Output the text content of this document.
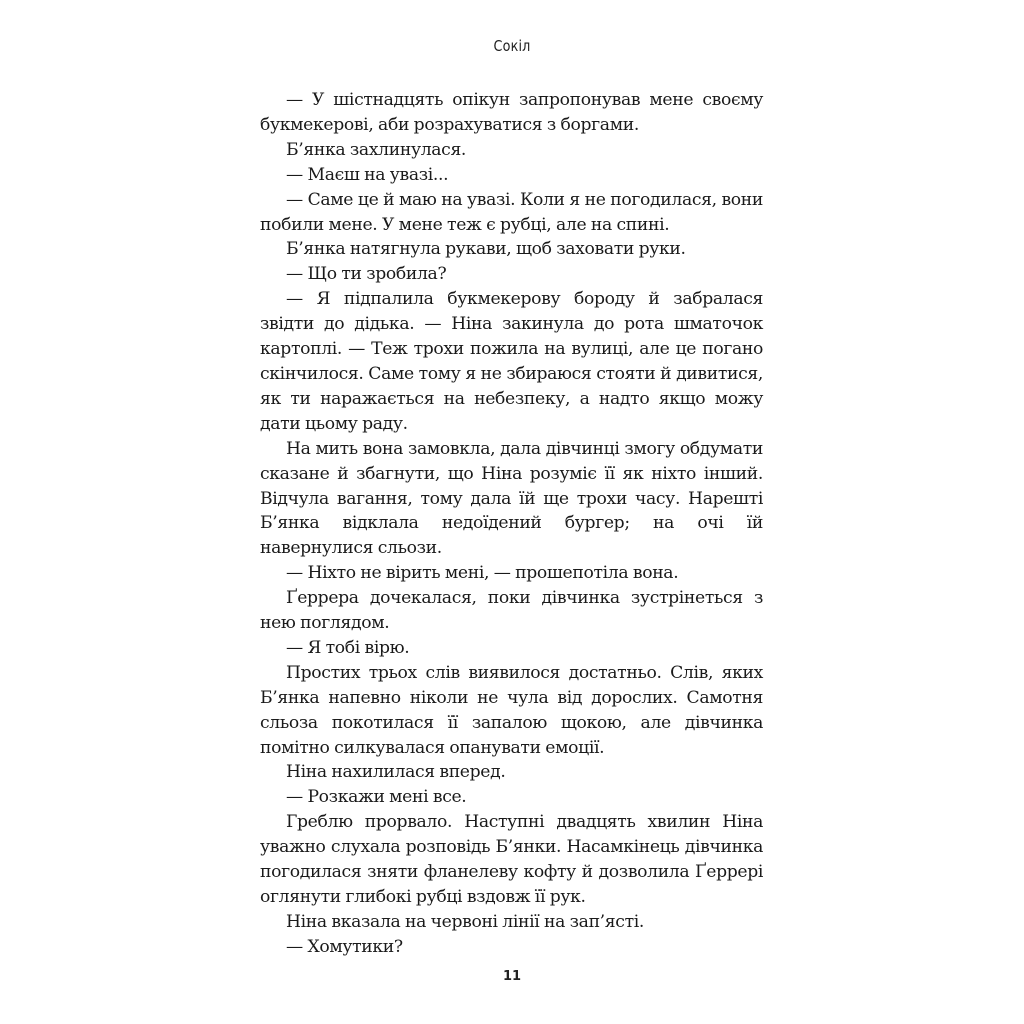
Сокіл

— У шістнадцять опікун запропонував мене своєму букмекерові, аби розрахуватися з боргами.

Б’янка захлинулася.

— Маєш на увазі...

— Саме це й маю на увазі. Коли я не погодилася, вони побили мене. У мене теж є рубці, але на спині.

Б’янка натягнула рукави, щоб заховати руки.

— Що ти зробила?

— Я підпалила букмекерову бороду й забралася звідти до дідька. — Ніна закинула до рота шматочок картоплі. — Теж трохи пожила на вулиці, але це погано скінчилося. Саме тому я не збираюся стояти й дивитися, як ти наражається на небезпеку, а надто якщо можу дати цьому раду.

На мить вона замовкла, дала дівчинці змогу обдумати сказане й збагнути, що Ніна розуміє її як ніхто інший. Відчула вагання, тому дала їй ще трохи часу. Нарешті Б’янка відклала недоїдений бургер; на очі їй навернулися сльози.

— Ніхто не вірить мені, — прошепотіла вона.

Ґеррера дочекалася, поки дівчинка зустрінеться з нею поглядом.

— Я тобі вірю.

Простих трьох слів виявилося достатньо. Слів, яких Б’янка напевно ніколи не чула від дорослих. Самотня сльоза покотилася її запалою щокою, але дівчинка помітно силкувалася опанувати емоції.

Ніна нахилилася вперед.

— Розкажи мені все.

Греблю прорвало. Наступні двадцять хвилин Ніна уважно слухала розповідь Б’янки. Насамкінець дівчинка погодилася зняти фланелеву кофту й дозволила Ґеррері оглянути глибокі рубці вздовж її рук.

Ніна вказала на червоні лінії на зап’ясті.

— Хомутики?

11
